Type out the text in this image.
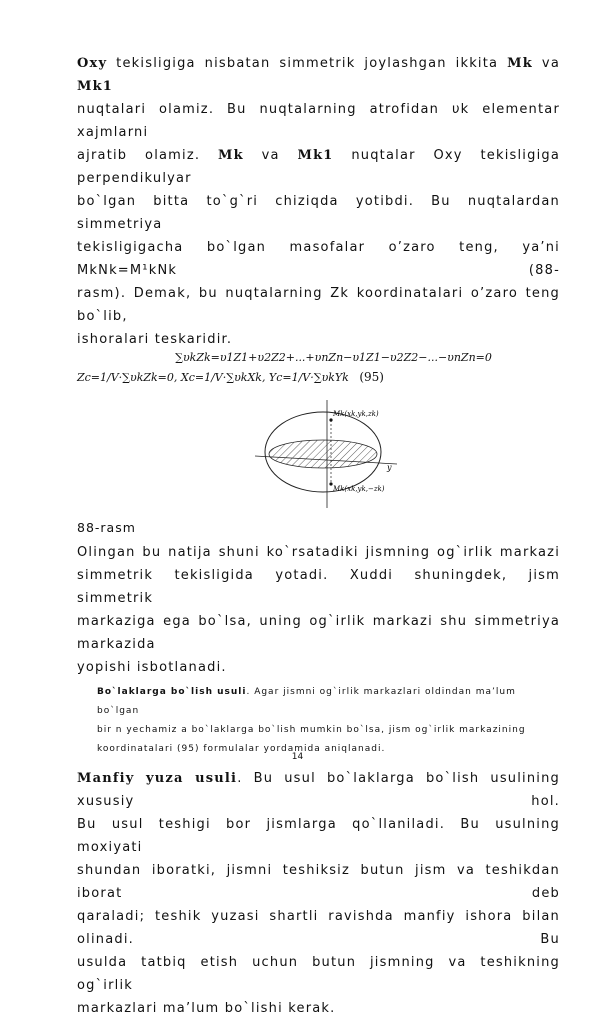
Oxy tekisligiga nisbatan simmetrik joylashgan ikkita Mk va Mk1

nuqtalari olamiz. Bu nuqtalarning atrofidan υk elementar xajmlarni

ajratib olamiz. Mk va Mk1 nuqtalar Oxy tekisligiga perpendikulyar

bo`lgan bitta to`g`ri chiziqda yotibdi. Bu nuqtalardan simmetriya

tekisligigacha bo`lgan masofalar o’zaro teng, ya’ni MkNk=M¹kNk (88-

rasm). Demak, bu nuqtalarning Zk koordinatalari o’zaro teng bo`lib,

ishoralari teskaridir.

∑υkZk=υ1Z1+υ2Z2+...+υnZn−υ1Z1−υ2Z2−...−υnZn=0

Zc=1/V·∑υkZk=0, Xc=1/V·∑υkXk, Yc=1/V·∑υkYk (95)

Mk(xk,yk,zk)
Mk(xk,yk,−zk)
y

88-rasm

Olingan bu natija shuni ko`rsatadiki jismning og`irlik markazi

simmetrik tekisligida yotadi. Xuddi shuningdek, jism simmetrik

markaziga ega bo`lsa, uning og`irlik markazi shu simmetriya markazida

yopishi isbotlanadi.

Bo`laklarga bo`lish usuli. Agar jismni og`irlik markazlari oldindan ma’lum bo`lgan

bir n yechamiz a bo`laklarga bo`lish mumkin bo`lsa, jism og`irlik markazining

koordinatalari (95) formulalar yordamida aniqlanadi.

Manfiy yuza usuli. Bu usul bo`laklarga bo`lish usulining xususiy hol.

Bu usul teshigi bor jismlarga qo`llaniladi. Bu usulning moxiyati

shundan iboratki, jismni teshiksiz butun jism va teshikdan iborat deb

qaraladi; teshik yuzasi shartli ravishda manfiy ishora bilan olinadi. Bu

usulda tatbiq etish uchun butun jismning va teshikning og`irlik

markazlari ma’lum bo`lishi kerak.

14
